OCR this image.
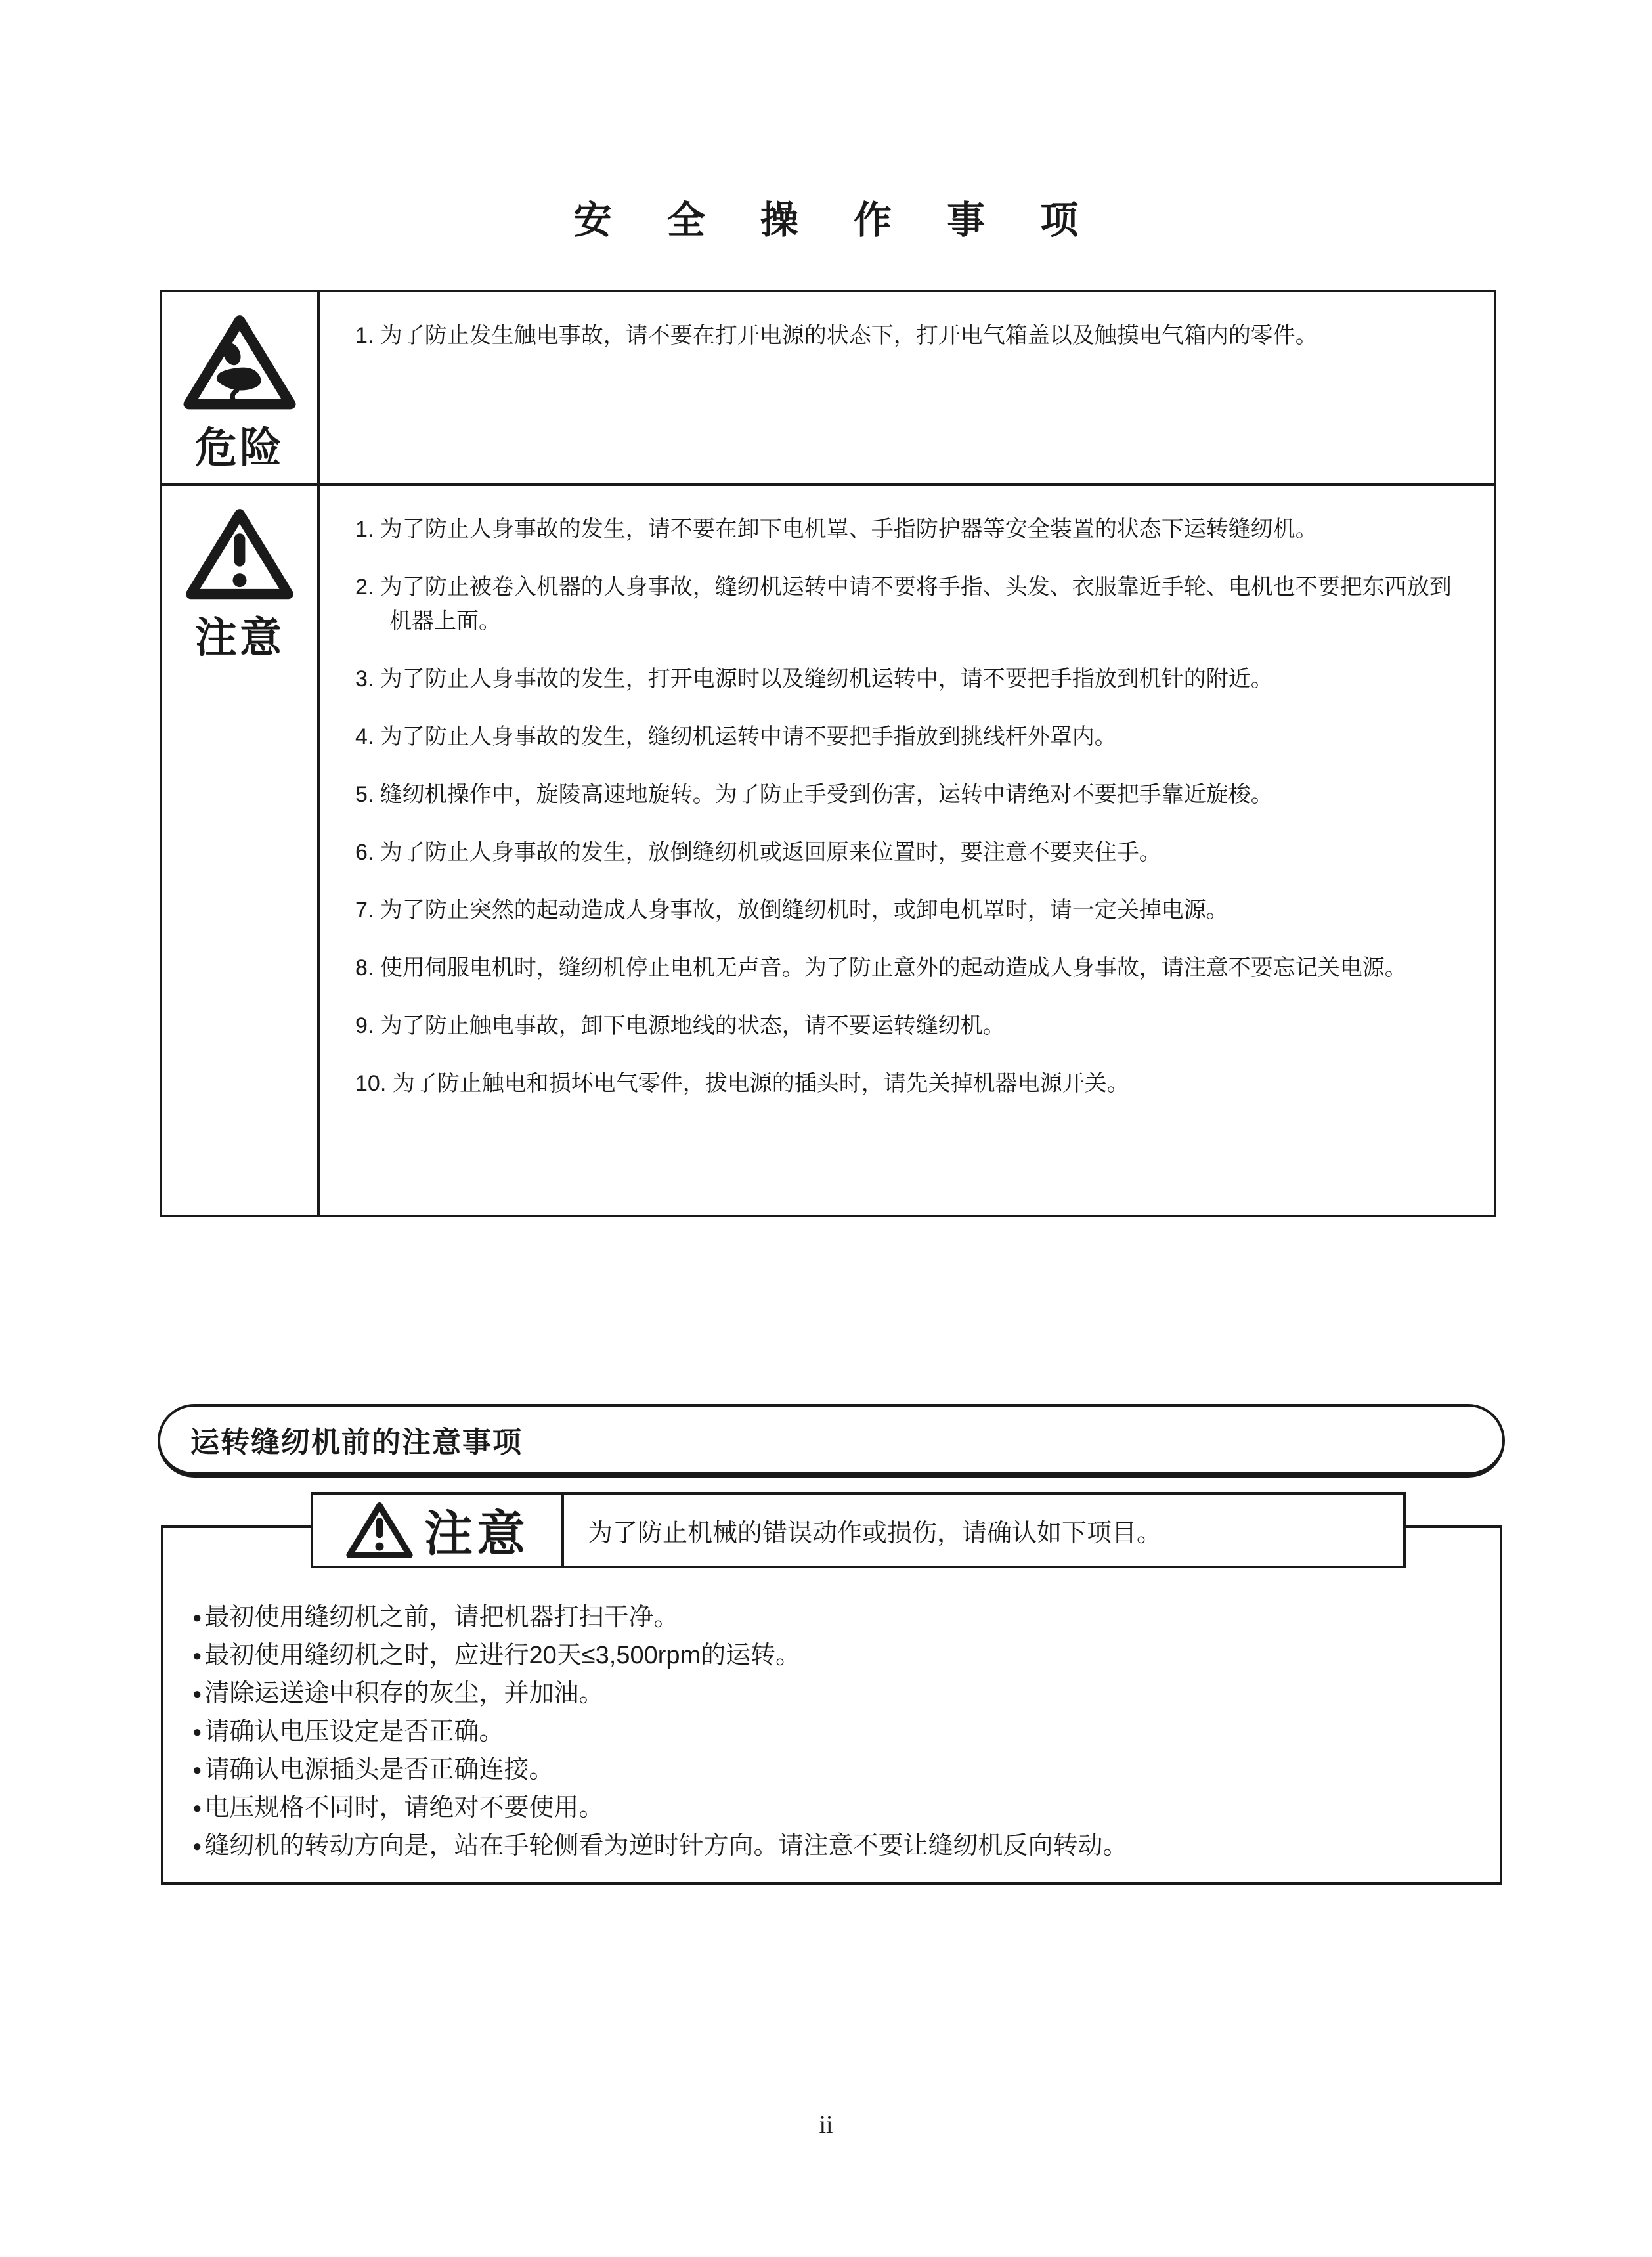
安 全 操 作 事 项
危险
1. 为了防止发生触电事故，请不要在打开电源的状态下，打开电气箱盖以及触摸电气箱内的零件。
注意
1. 为了防止人身事故的发生，请不要在卸下电机罩、手指防护器等安全装置的状态下运转缝纫机。
2. 为了防止被卷入机器的人身事故，缝纫机运转中请不要将手指、头发、衣服靠近手轮、电机也不要把东西放到机器上面。
3. 为了防止人身事故的发生，打开电源时以及缝纫机运转中，请不要把手指放到机针的附近。
4. 为了防止人身事故的发生，缝纫机运转中请不要把手指放到挑线杆外罩内。
5. 缝纫机操作中，旋陵高速地旋转。为了防止手受到伤害，运转中请绝对不要把手靠近旋梭。
6. 为了防止人身事故的发生，放倒缝纫机或返回原来位置时，要注意不要夹住手。
7. 为了防止突然的起动造成人身事故，放倒缝纫机时，或卸电机罩时，请一定关掉电源。
8. 使用伺服电机时，缝纫机停止电机无声音。为了防止意外的起动造成人身事故，请注意不要忘记关电源。
9. 为了防止触电事故，卸下电源地线的状态，请不要运转缝纫机。
10. 为了防止触电和损坏电气零件，拔电源的插头时，请先关掉机器电源开关。
运转缝纫机前的注意事项
注意	为了防止机械的错误动作或损伤，请确认如下项目。
● 最初使用缝纫机之前，请把机器打扫干净。
● 最初使用缝纫机之时，应进行20天≤3,500rpm的运转。
● 清除运送途中积存的灰尘，并加油。
● 请确认电压设定是否正确。
● 请确认电源插头是否正确连接。
● 电压规格不同时，请绝对不要使用。
● 缝纫机的转动方向是，站在手轮侧看为逆时针方向。请注意不要让缝纫机反向转动。
ii
